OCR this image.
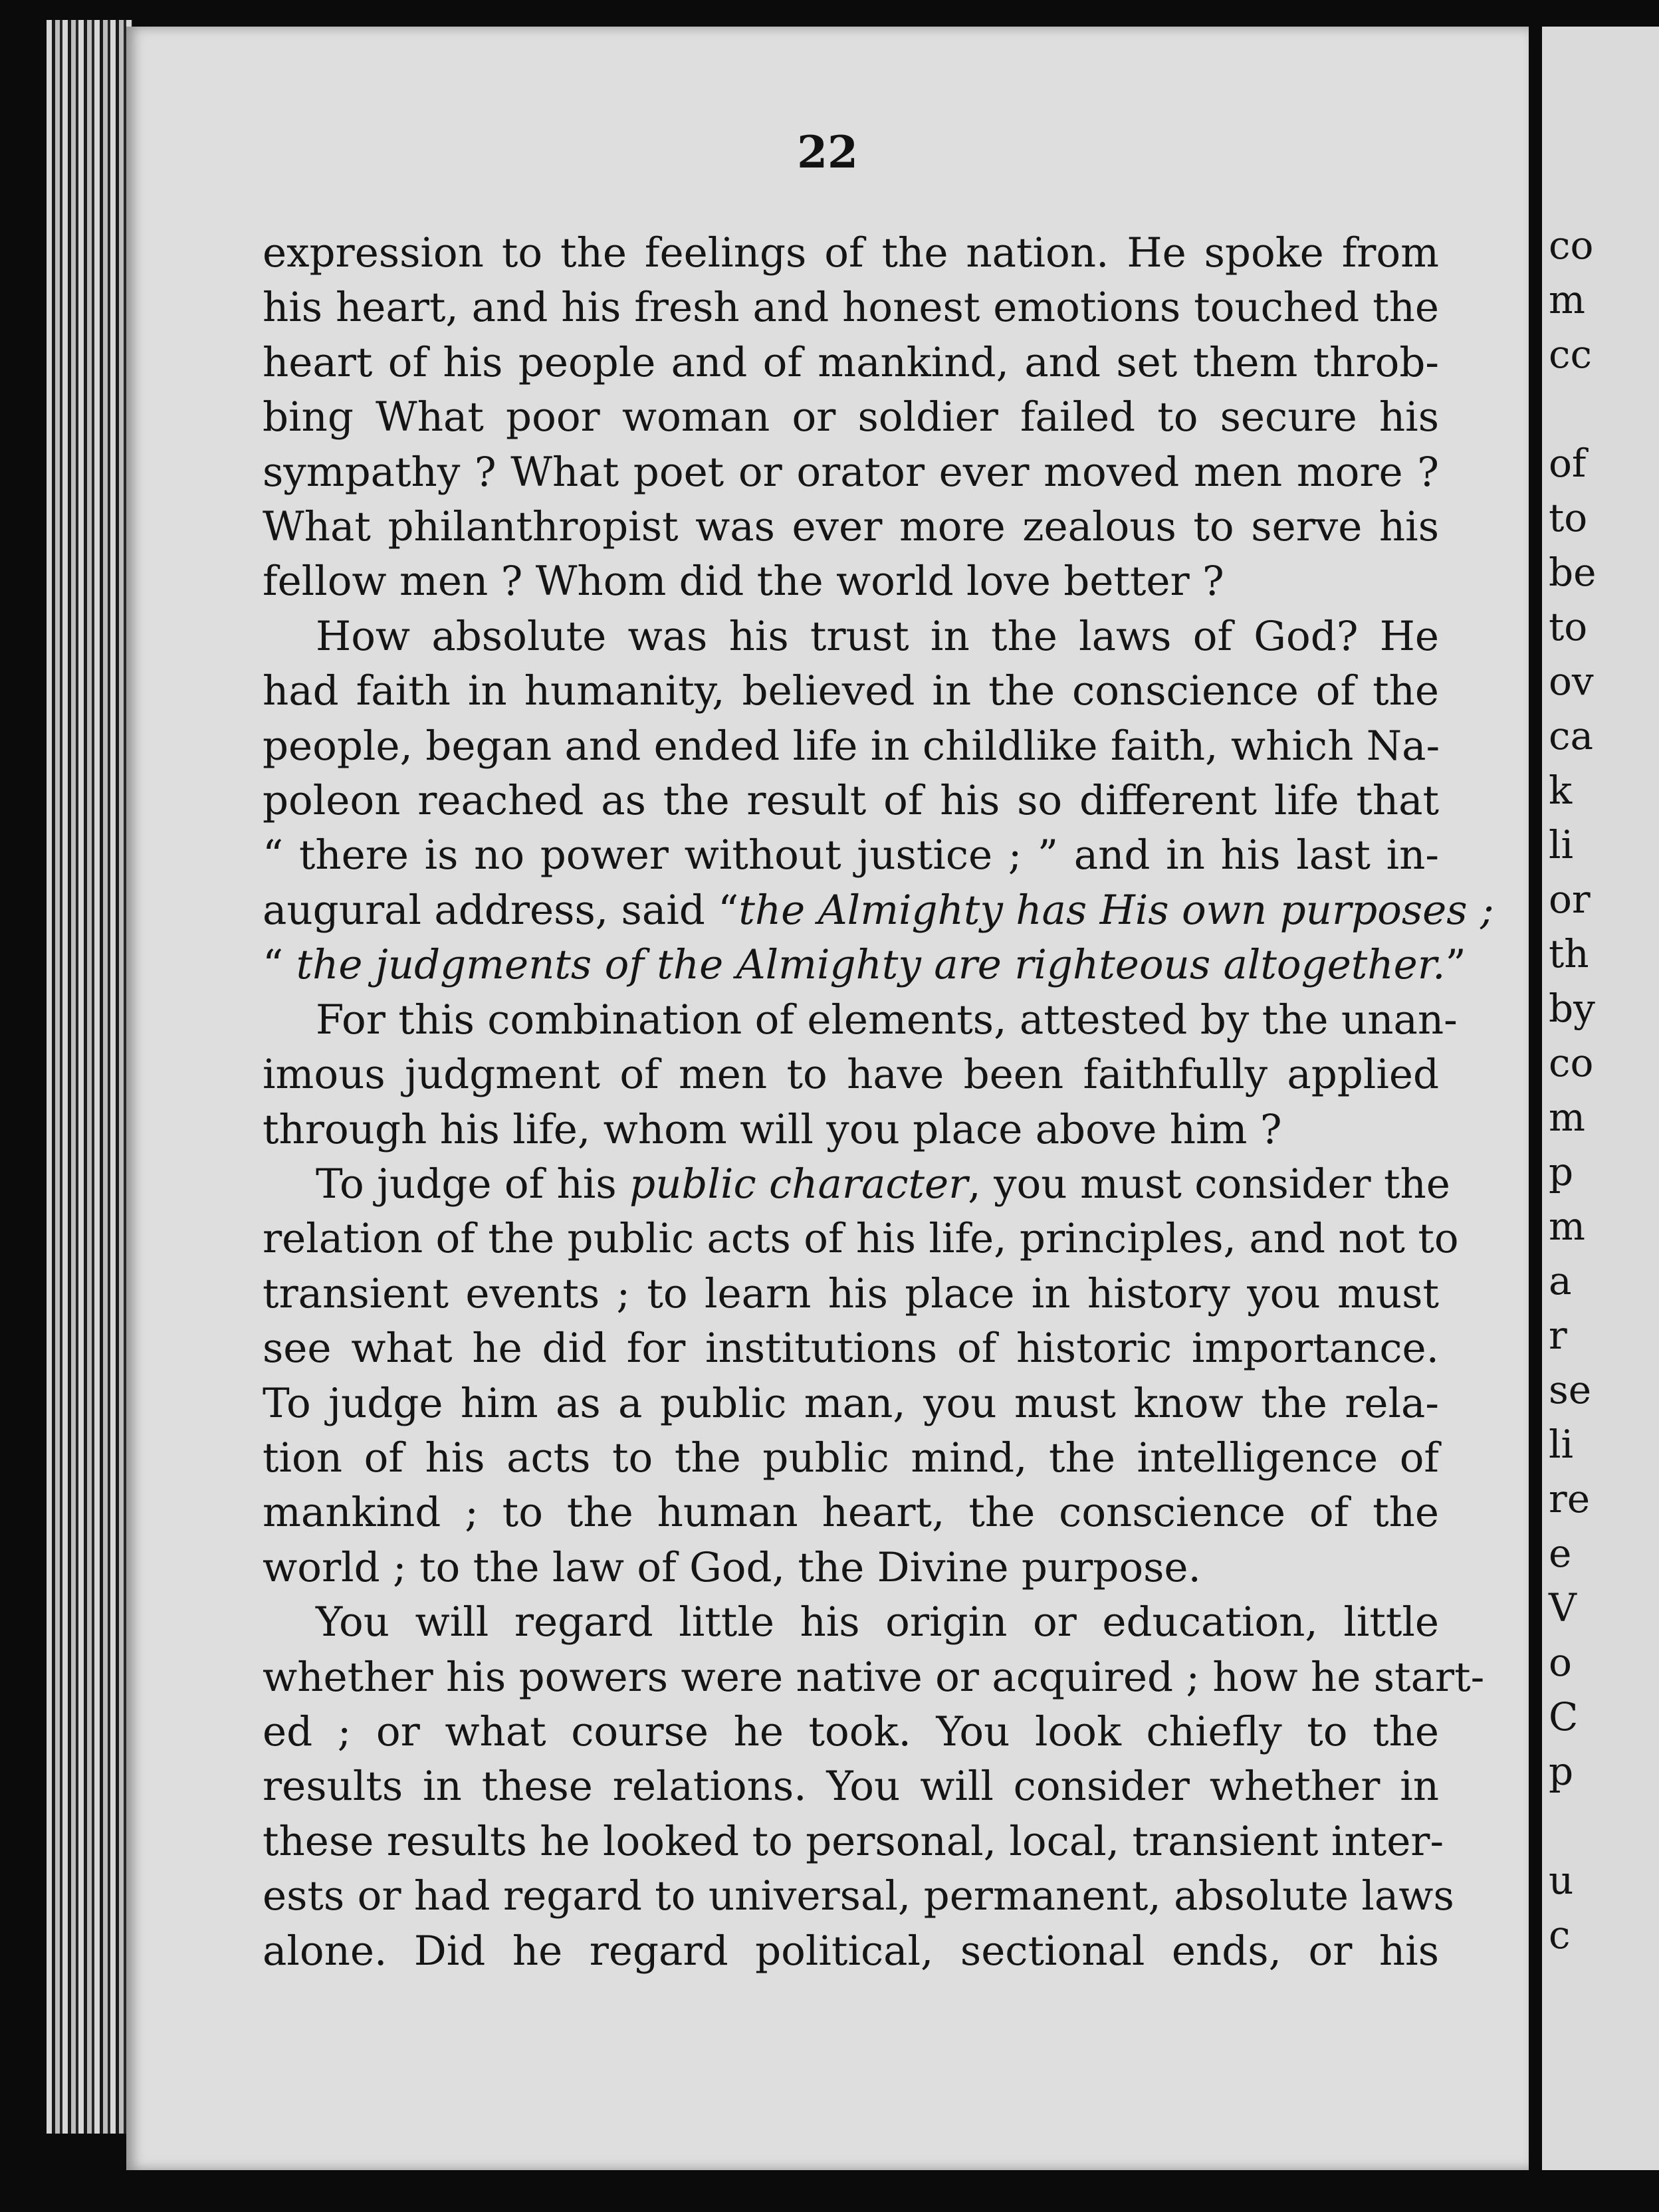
22

expression to the feelings of the nation. He spoke from

his heart, and his fresh and honest emotions touched the

heart of his people and of mankind, and set them throb-

bing What poor woman or soldier failed to secure his

sympathy ? What poet or orator ever moved men more ?

What philanthropist was ever more zealous to serve his

fellow men ? Whom did the world love better ?

How absolute was his trust in the laws of God? He

had faith in humanity, believed in the conscience of the

people, began and ended life in childlike faith, which Na-

poleon reached as the result of his so different life that

“ there is no power without justice ; ” and in his last in-

augural address, said “the Almighty has His own purposes ;

“ the judgments of the Almighty are righteous altogether.”

For this combination of elements, attested by the unan-

imous judgment of men to have been faithfully applied

through his life, whom will you place above him ?

To judge of his public character, you must consider the

relation of the public acts of his life, principles, and not to

transient events ; to learn his place in history you must

see what he did for institutions of historic importance.

To judge him as a public man, you must know the rela-

tion of his acts to the public mind, the intelligence of

mankind ; to the human heart, the conscience of the

world ; to the law of God, the Divine purpose.

You will regard little his origin or education, little

whether his powers were native or acquired ; how he start-

ed ; or what course he took. You look chiefly to the

results in these relations. You will consider whether in

these results he looked to personal, local, transient inter-

ests or had regard to universal, permanent, absolute laws

alone. Did he regard political, sectional ends, or his

co
m
cc
of
to
be
to
ov
ca
k
li
or
th
by
co
m
p
m
a
r
se
li
re
e
V
o
C
p
u
c
